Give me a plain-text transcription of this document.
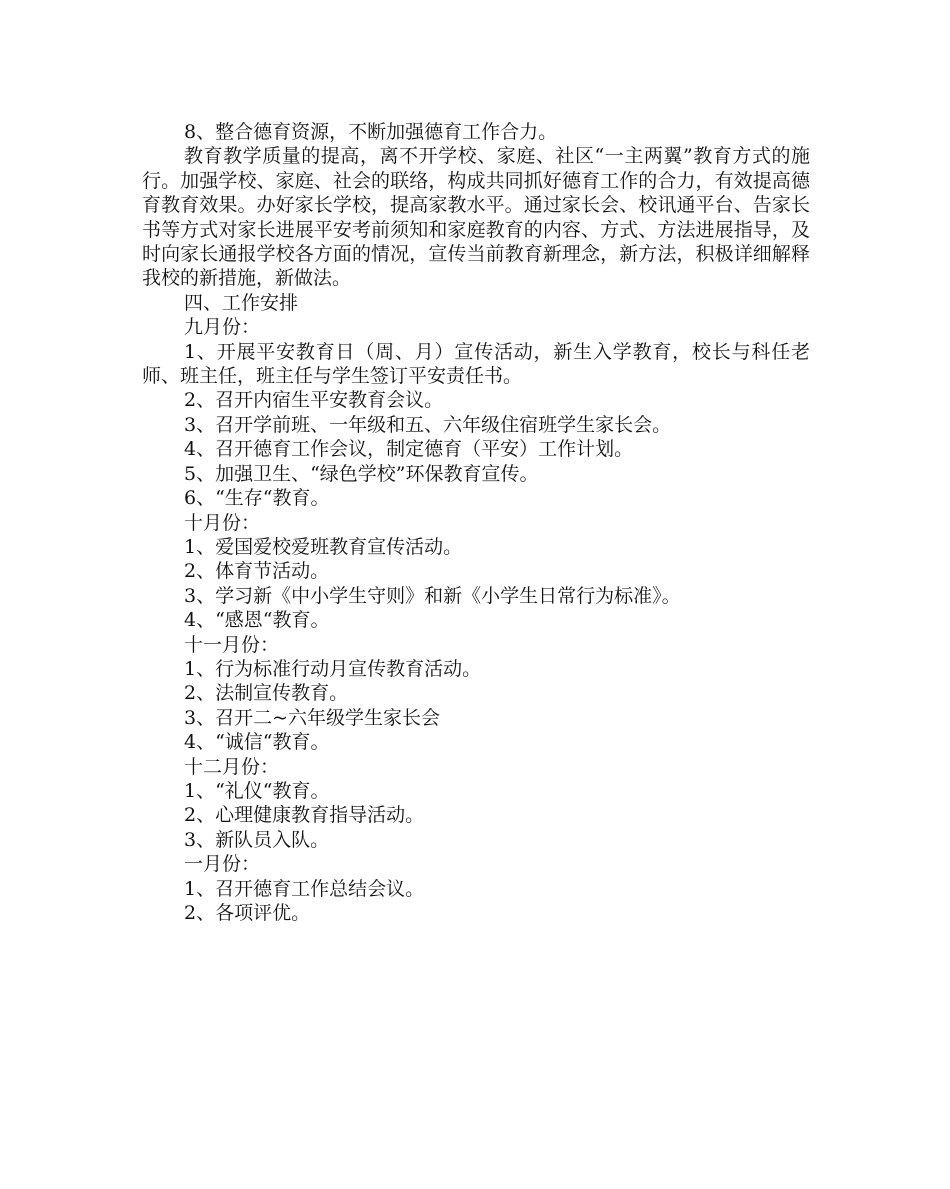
8、整合德育资源，不断加强德育工作合力。

教育教学质量的提高，离不开学校、家庭、社区“一主两翼”教育方式的施行。加强学校、家庭、社会的联络，构成共同抓好德育工作的合力，有效提高德育教育效果。办好家长学校，提高家教水平。通过家长会、校讯通平台、告家长书等方式对家长进展平安考前须知和家庭教育的内容、方式、方法进展指导，及时向家长通报学校各方面的情况，宣传当前教育新理念，新方法，积极详细解释我校的新措施，新做法。

四、工作安排

九月份：

1、开展平安教育日（周、月）宣传活动，新生入学教育，校长与科任老师、班主任，班主任与学生签订平安责任书。

2、召开内宿生平安教育会议。

3、召开学前班、一年级和五、六年级住宿班学生家长会。

4、召开德育工作会议，制定德育（平安）工作计划。

5、加强卫生、“绿色学校”环保教育宣传。

6、“生存“教育。

十月份：

1、爱国爱校爱班教育宣传活动。

2、体育节活动。

3、学习新《中小学生守则》和新《小学生日常行为标准》。

4、“感恩“教育。

十一月份：

1、行为标准行动月宣传教育活动。

2、法制宣传教育。

3、召开二~六年级学生家长会

4、“诚信“教育。

十二月份：

1、“礼仪“教育。

2、心理健康教育指导活动。

3、新队员入队。

一月份：

1、召开德育工作总结会议。

2、各项评优。
